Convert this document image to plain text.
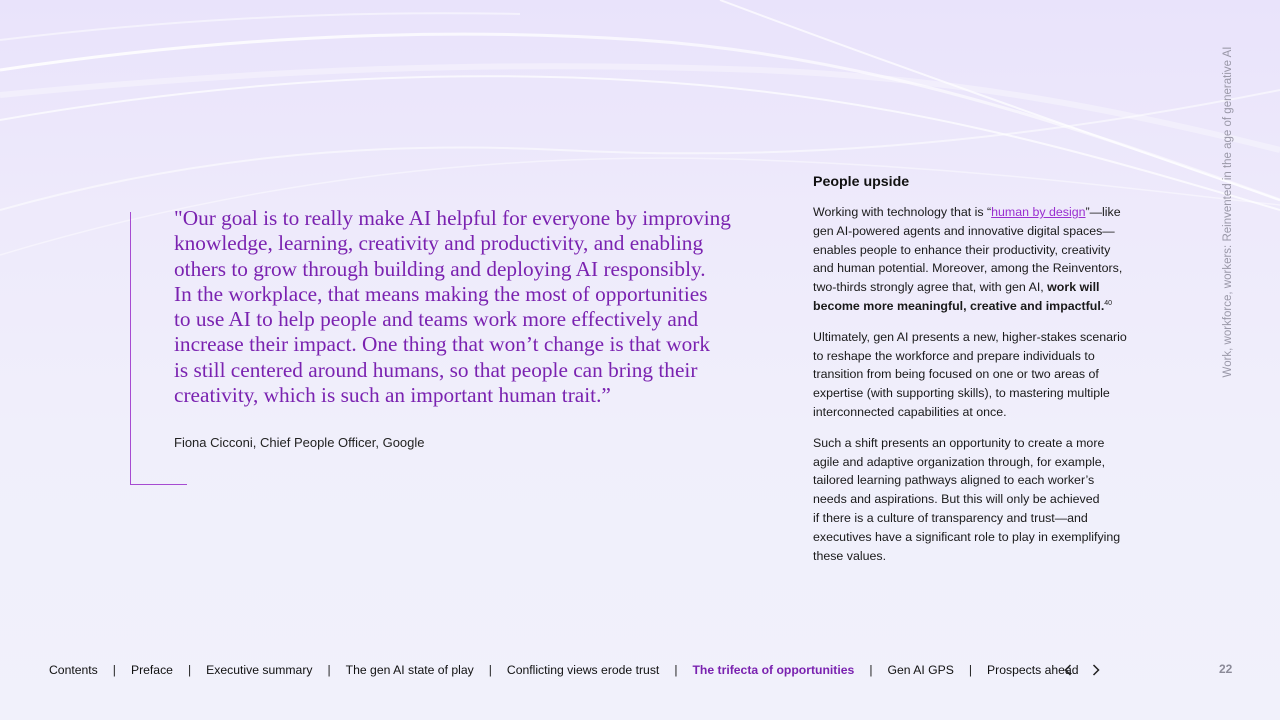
"Our goal is to really make AI helpful for everyone by improving
knowledge, learning, creativity and productivity, and enabling
others to grow through building and deploying AI responsibly.
In the workplace, that means making the most of opportunities
to use AI to help people and teams work more effectively and
increase their impact. One thing that won’t change is that work
is still centered around humans, so that people can bring their
creativity, which is such an important human trait.”

Fiona Cicconi, Chief People Officer, Google

People upside

Working with technology that is “human by design”—like
gen AI-powered agents and innovative digital spaces—
enables people to enhance their productivity, creativity
and human potential. Moreover, among the Reinventors,
two-thirds strongly agree that, with gen AI, work will
become more meaningful, creative and impactful.$^{40}$

Ultimately, gen AI presents a new, higher-stakes scenario
to reshape the workforce and prepare individuals to
transition from being focused on one or two areas of
expertise (with supporting skills), to mastering multiple
interconnected capabilities at once.

Such a shift presents an opportunity to create a more
agile and adaptive organization through, for example,
tailored learning pathways aligned to each worker’s
needs and aspirations. But this will only be achieved
if there is a culture of transparency and trust—and
executives have a significant role to play in exemplifying
these values.

Work, workforce, workers: Reinvented in the age of generative AI
Contents | Preface | Executive summary | The gen AI state of play | Conflicting views erode trust | The trifecta of opportunities | Gen AI GPS | Prospects ahead	22
